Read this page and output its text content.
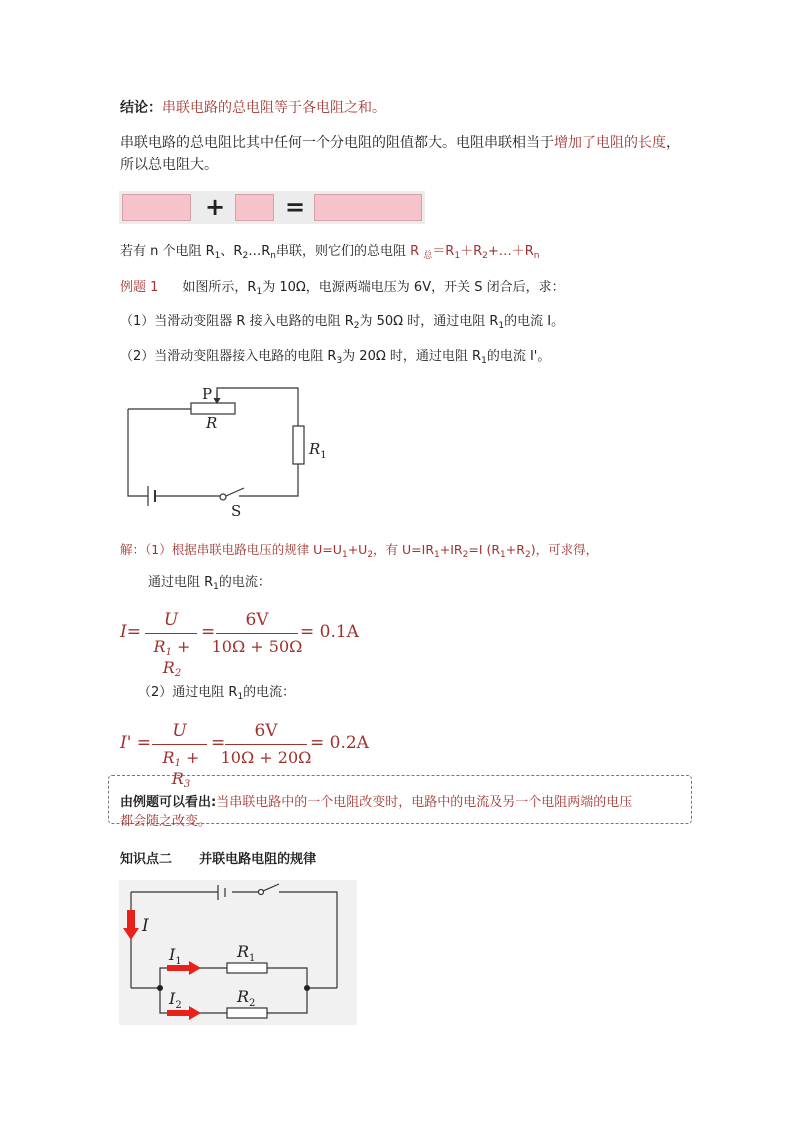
结论：串联电路的总电阻等于各电阻之和。
串联电路的总电阻比其中任何一个分电阻的阻值都大。电阻串联相当于增加了电阻的长度，
所以总电阻大。
+ =
若有 n 个电阻 $R_1$、$R_2\dots R_n$串联，则它们的总电阻 R $_总=R_1+R_2+\dots+R_n$
例题 1 如图所示，$R_1$为 10Ω，电源两端电压为 6V，开关 S 闭合后，求：
（1）当滑动变阻器 R 接入电路的电阻 $R_2$为 50Ω 时，通过电阻 $R_1$的电流 I。
（2）当滑动变阻器接入电路的电阻 $R_3$为 20Ω 时，通过电阻 $R_1$的电流 I'。
P
R
$R_1$
S
解：（1）根据串联电路电压的规律 $U=U_1+U_2$，有 $U=IR_1+IR_2=I$ $(R_1+R_2)$，可求得，
通过电阻 $R_1$的电流：
I=
U
$R_1 + R_2$
=
6V
10Ω + 50Ω
= 0.1A
（2）通过电阻 $R_1$的电流：
I' =
U
$R_1 + R_3$
=
6V
10Ω + 20Ω
= 0.2A
由例题可以看出:当串联电路中的一个电阻改变时，电路中的电流及另一个电阻两端的电压
都会随之改变。
知识点二      并联电路电阻的规律
I
$I_1$
$I_2$
$R_1$
$R_2$
